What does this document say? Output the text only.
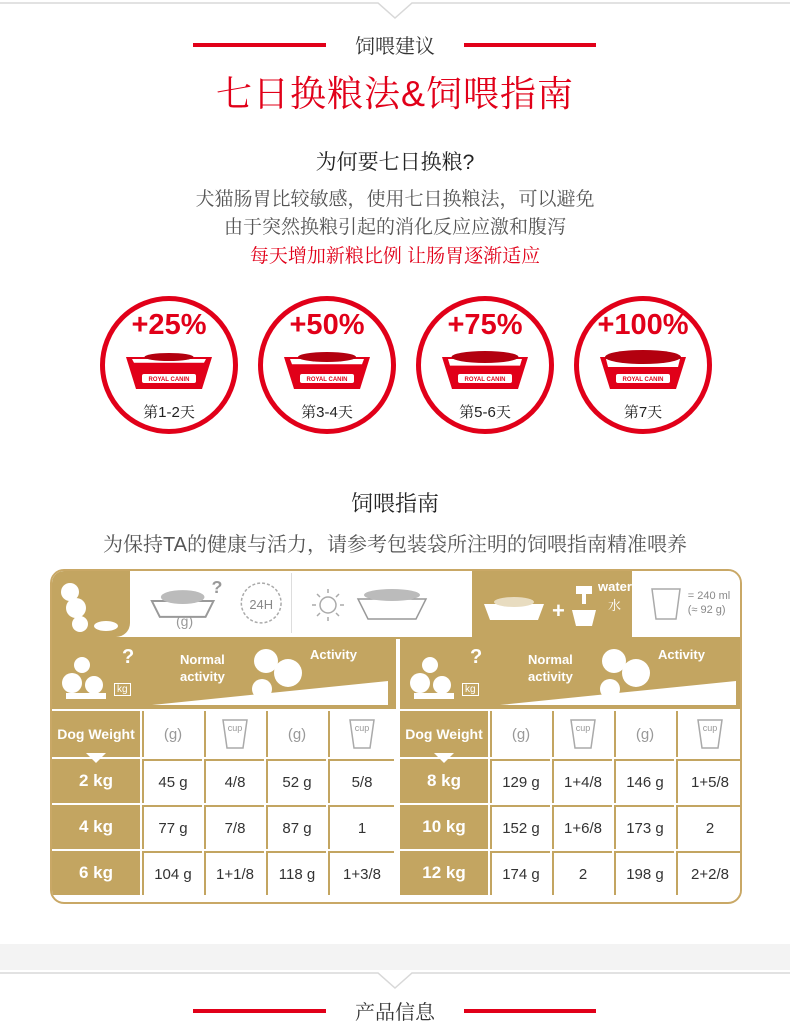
饲喂建议
七日换粮法&饲喂指南
为何要七日换粮?
犬猫肠胃比较敏感，使用七日换粮法，可以避免
由于突然换粮引起的消化反应应激和腹泻
每天增加新粮比例 让肠胃逐渐适应
+25%
ROYAL CANIN
第1-2天
+50%
ROYAL CANIN
第3-4天
+75%
ROYAL CANIN
第5-6天
+100%
ROYAL CANIN
第7天
饲喂指南
为保持TA的健康与活力，请参考包装袋所注明的饲喂指南精准喂养
?
24H
(g)	+
water
水
= 240 ml
(≈ 92 g)
?
kg
Normal activity
Activity
Dog Weight (g)	cup	(g)	cup
2 kg	45 g 4/8 52 g	5/8
4 kg	77 g 7/8 87 g	1
6 kg	104 g 1+1/8 118 g 1+3/8
?
kg
Normal activity
Activity
Dog Weight (g)	cup	(g)	cup
8 kg	129 g 1+4/8 146 g 1+5/8
10 kg 152 g 1+6/8 173 g	2
12 kg 174 g	2	198 g 2+2/8
产品信息
